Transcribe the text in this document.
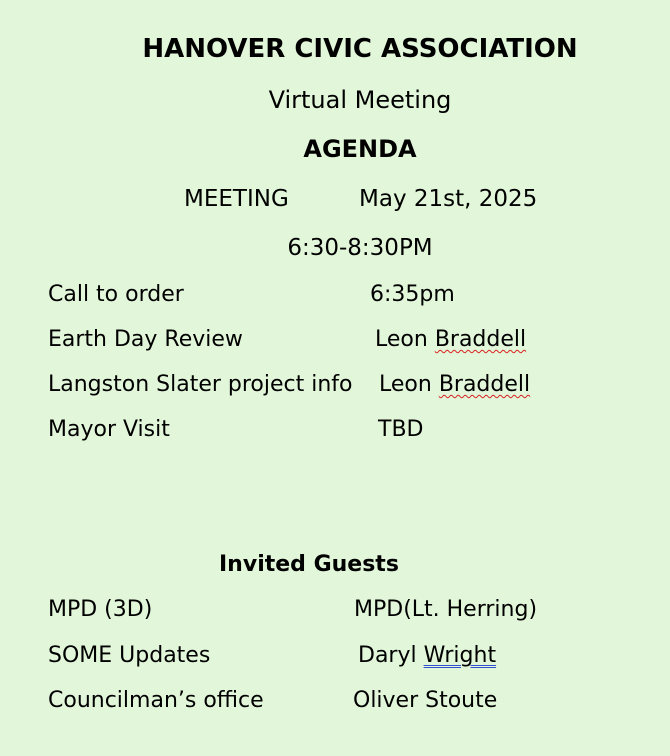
HANOVER CIVIC ASSOCIATION
Virtual Meeting
AGENDA
MEETING	May 21st, 2025
6:30-8:30PM
Call to order	6:35pm
Earth Day Review	Leon Braddell
Langston Slater project info Leon Braddell
Mayor Visit	TBD
Invited Guests
MPD (3D)	MPD(Lt. Herring)
SOME Updates	Daryl Wright
Councilman’s office	Oliver Stoute
